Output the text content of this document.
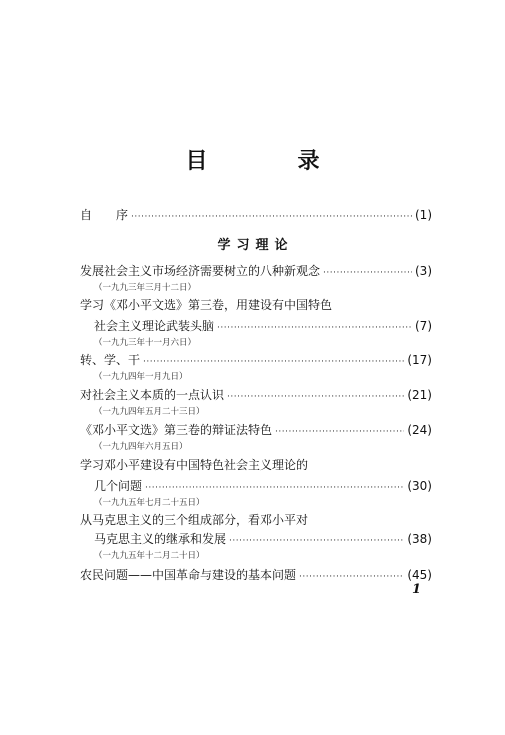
目　录
自　　序 ·····	(1)
学习理论
发展社会主义市场经济需要树立的八种新观念 ·····	(3)
（一九九三年三月十二日）
学习《邓小平文选》第三卷，用建设有中国特色
社会主义理论武装头脑 ·····	(7)
（一九九三年十一月六日）
转、学、干 ·····	(17)
（一九九四年一月九日）
对社会主义本质的一点认识 ·····	(21)
（一九九四年五月二十三日）
《邓小平文选》第三卷的辩证法特色 ·····	(24)
（一九九四年六月五日）
学习邓小平建设有中国特色社会主义理论的
几个问题 ·····	(30)
（一九九五年七月二十五日）
从马克思主义的三个组成部分，看邓小平对
马克思主义的继承和发展 ·····	(38)
（一九九五年十二月二十日）
农民问题——中国革命与建设的基本问题 ·····	(45)
1
